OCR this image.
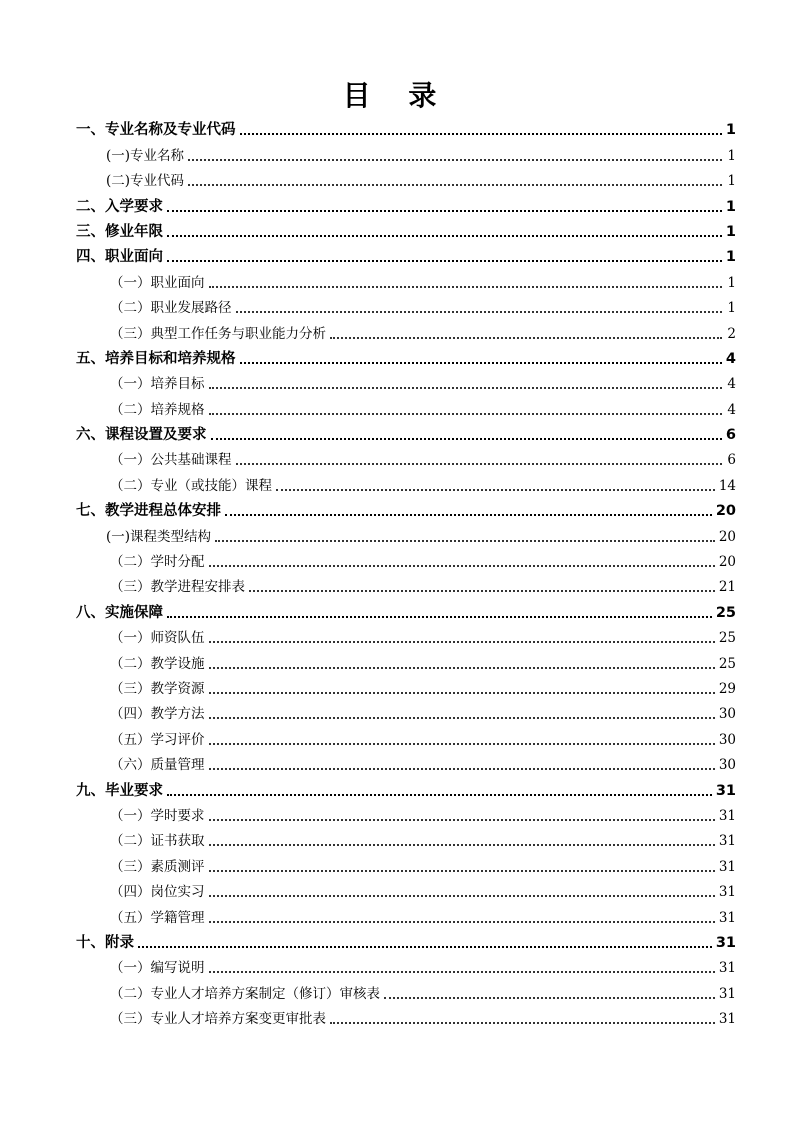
目 录
一、专业名称及专业代码	1
(一)专业名称	1
(二)专业代码	1
二、入学要求	1
三、修业年限	1
四、职业面向	1
（一）职业面向	1
（二）职业发展路径	1
（三）典型工作任务与职业能力分析	2
五、培养目标和培养规格	4
（一）培养目标	4
（二）培养规格	4
六、课程设置及要求	6
（一）公共基础课程	6
（二）专业（或技能）课程	14
七、教学进程总体安排	20
(一)课程类型结构	20
（二）学时分配	20
（三）教学进程安排表	21
八、实施保障	25
（一）师资队伍	25
（二）教学设施	25
（三）教学资源	29
（四）教学方法	30
（五）学习评价	30
（六）质量管理	30
九、毕业要求	31
（一）学时要求	31
（二）证书获取	31
（三）素质测评	31
（四）岗位实习	31
（五）学籍管理	31
十、附录	31
（一）编写说明	31
（二）专业人才培养方案制定（修订）审核表	31
（三）专业人才培养方案变更审批表	31
